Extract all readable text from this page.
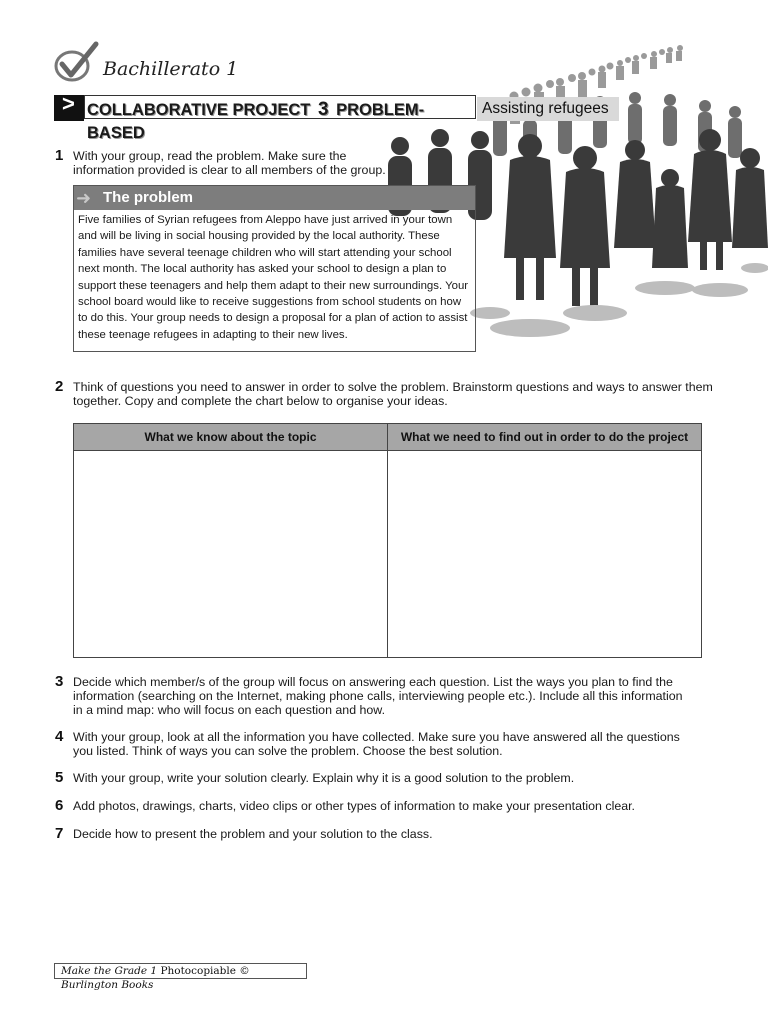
Bachillerato 1
> COLLABORATIVE PROJECT 3 PROBLEM-
BASED
Assisting refugees
1 With your group, read the problem. Make sure the information provided is clear to all members of the group.
➜ The problem
Five families of Syrian refugees from Aleppo have just arrived in your town and will be living in social housing provided by the local authority. These families have several teenage children who will start attending your school next month. The local authority has asked your school to design a plan to support these teenagers and help them adapt to their new surroundings. Your school board would like to receive suggestions from school students on how to do this. Your group needs to design a proposal for a plan of action to assist these teenage refugees in adapting to their new lives.
2 Think of questions you need to answer in order to solve the problem. Brainstorm questions and ways to answer them together. Copy and complete the chart below to organise your ideas.
What we know about the topic	What we need to find out in order to do the project

3 Decide which member/s of the group will focus on answering each question. List the ways you plan to find the information (searching on the Internet, making phone calls, interviewing people etc.). Include all this information in a mind map: who will focus on each question and how.
4 With your group, look at all the information you have collected. Make sure you have answered all the questions you listed. Think of ways you can solve the problem. Choose the best solution.
5 With your group, write your solution clearly. Explain why it is a good solution to the problem.
6 Add photos, drawings, charts, video clips or other types of information to make your presentation clear.
7 Decide how to present the problem and your solution to the class.
Make the Grade 1 Photocopiable © Burlington Books
